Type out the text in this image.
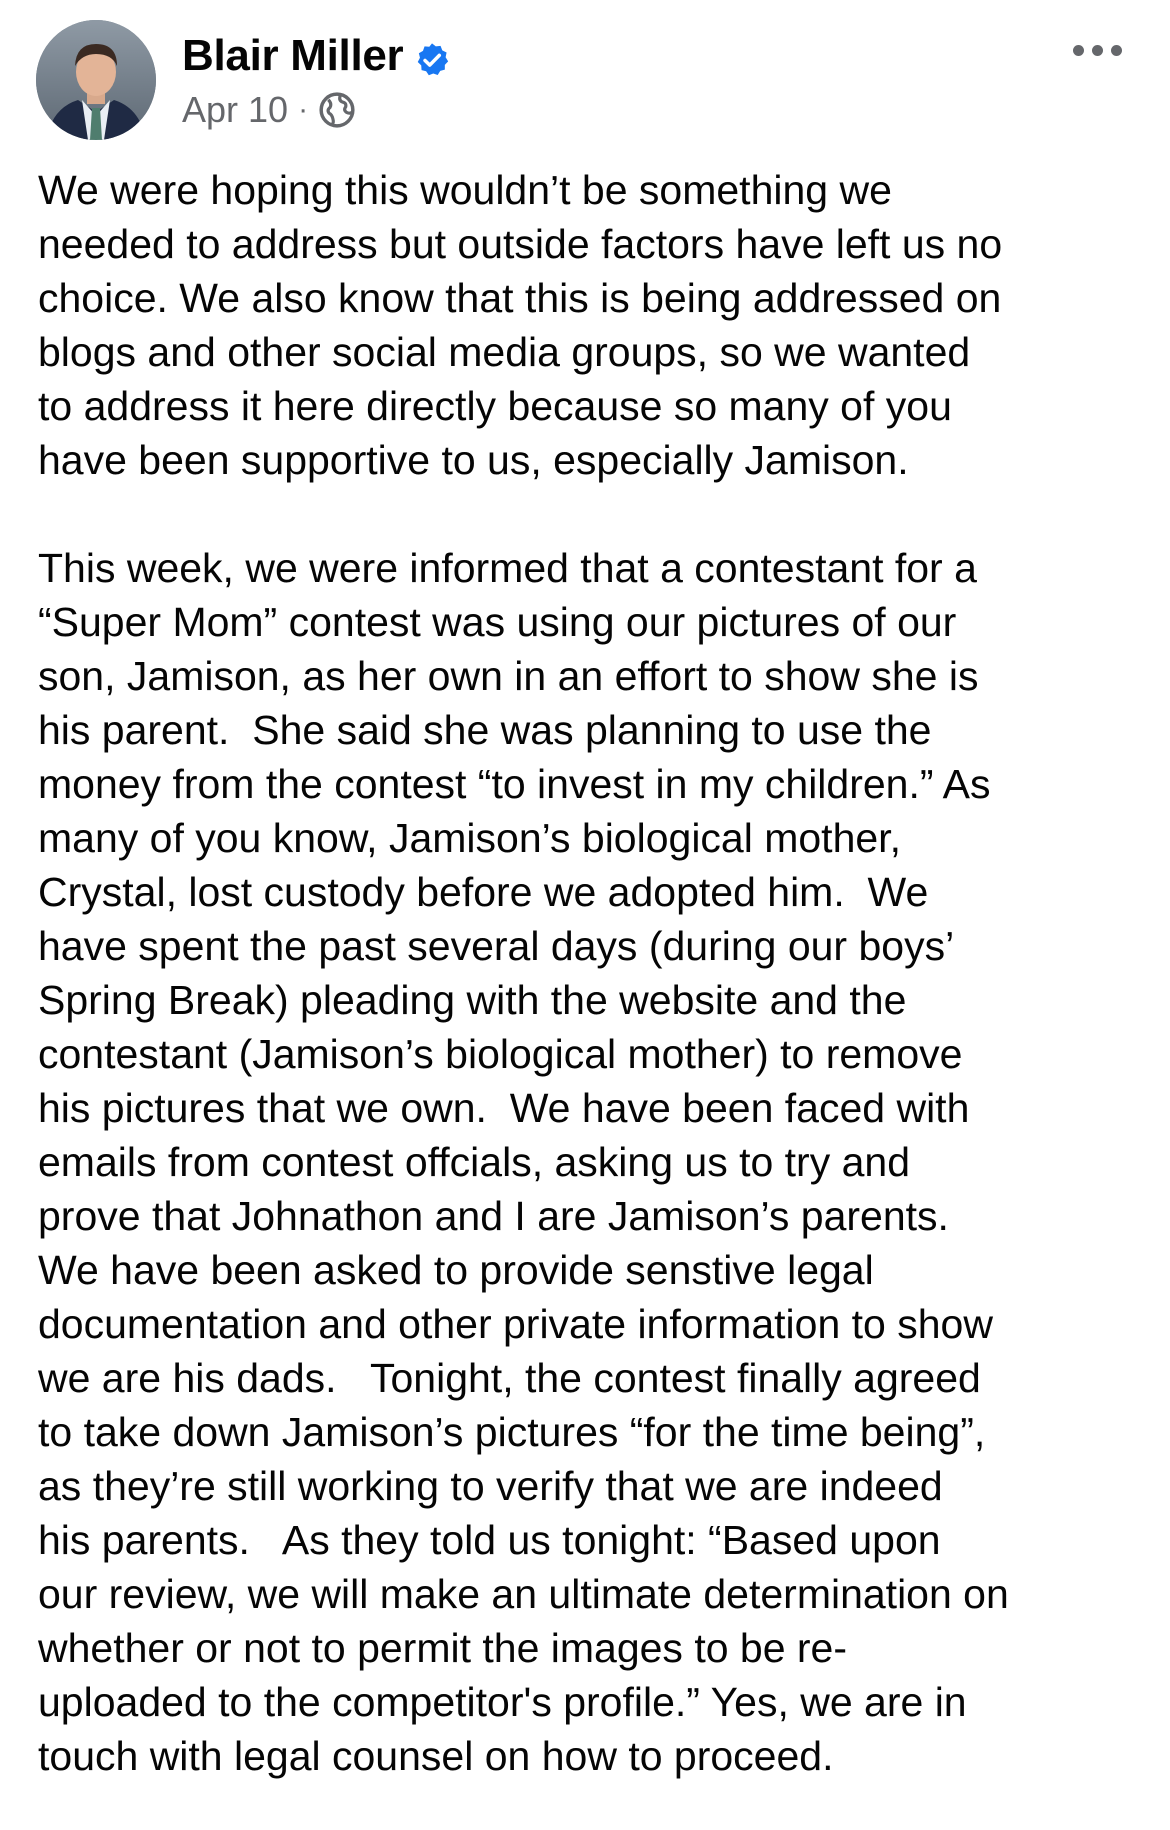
Blair Miller
Apr 10 ·
We were hoping this wouldn’t be something we
needed to address but outside factors have left us no
choice. We also know that this is being addressed on
blogs and other social media groups, so we wanted
to address it here directly because so many of you
have been supportive to us, especially Jamison.
This week, we were informed that a contestant for a
“Super Mom” contest was using our pictures of our
son, Jamison, as her own in an effort to show she is
his parent.  She said she was planning to use the
money from the contest “to invest in my children.” As
many of you know, Jamison’s biological mother,
Crystal, lost custody before we adopted him.  We
have spent the past several days (during our boys’
Spring Break) pleading with the website and the
contestant (Jamison’s biological mother) to remove
his pictures that we own.  We have been faced with
emails from contest offcials, asking us to try and
prove that Johnathon and I are Jamison’s parents.
We have been asked to provide senstive legal
documentation and other private information to show
we are his dads.   Tonight, the contest finally agreed
to take down Jamison’s pictures “for the time being”,
as they’re still working to verify that we are indeed
his parents.   As they told us tonight: “Based upon
our review, we will make an ultimate determination on
whether or not to permit the images to be re-
uploaded to the competitor's profile.” Yes, we are in
touch with legal counsel on how to proceed.
